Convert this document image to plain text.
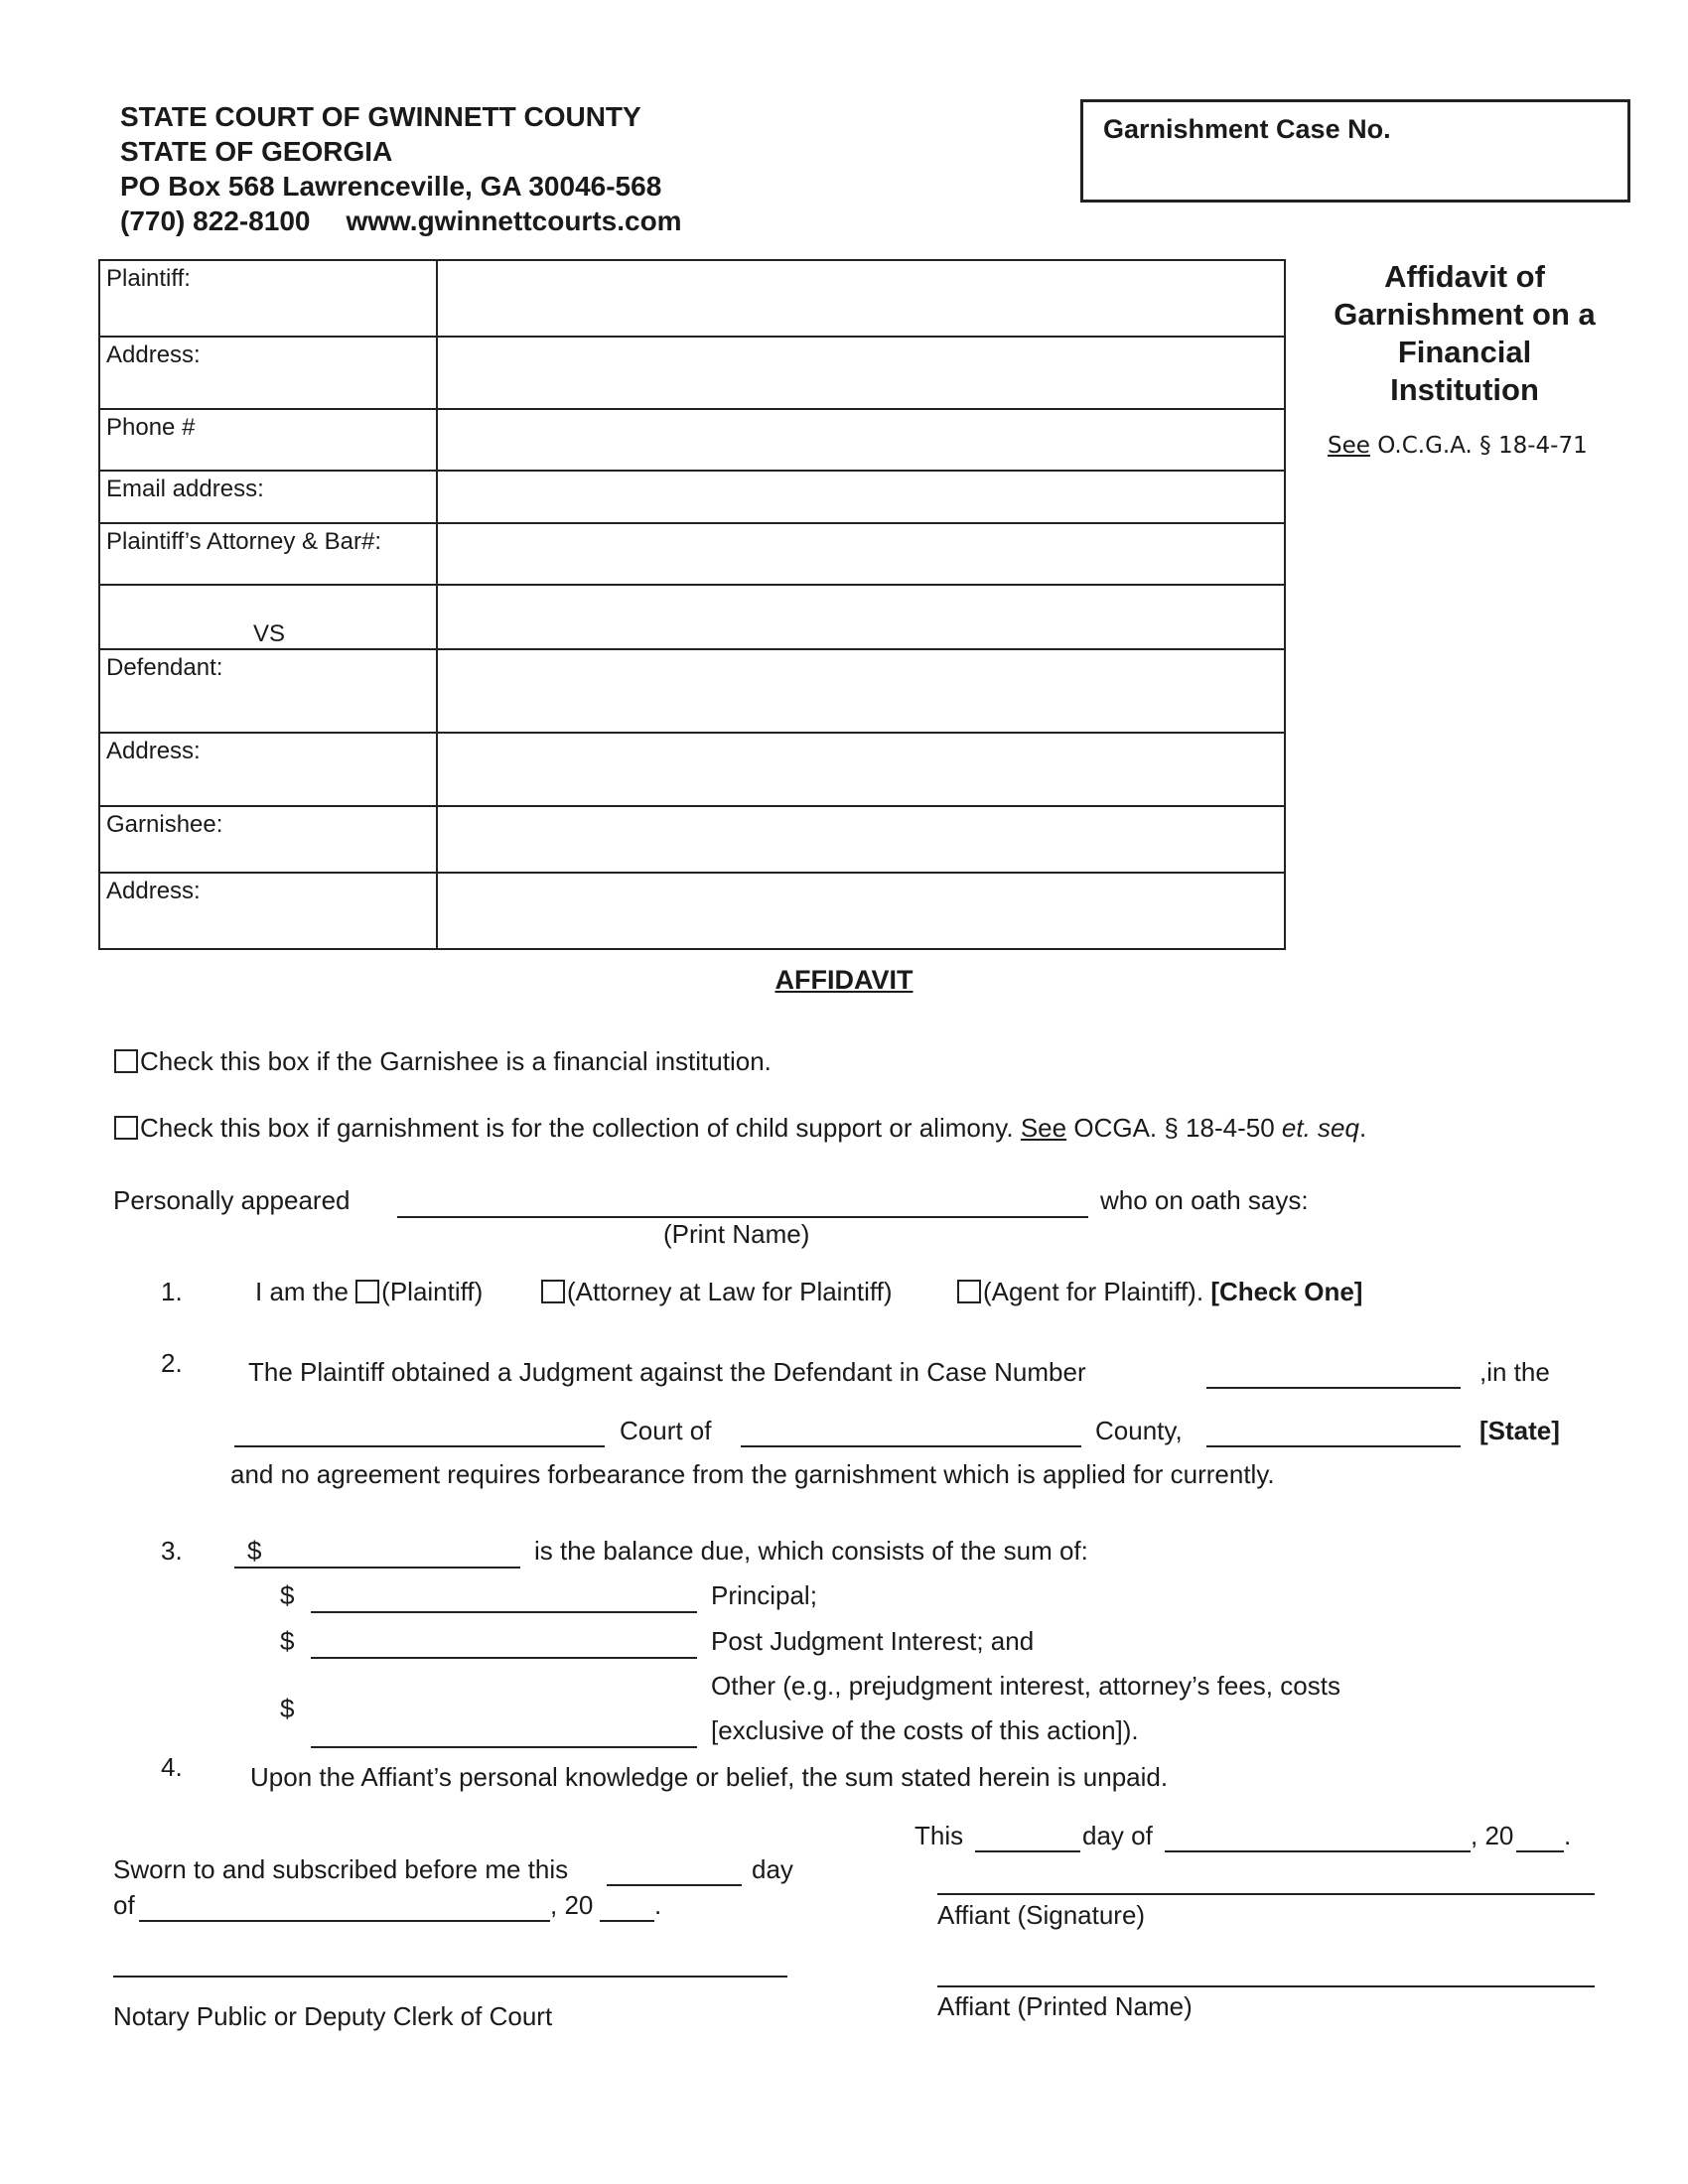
STATE COURT OF GWINNETT COUNTY
STATE OF GEORGIA
PO Box 568 Lawrenceville, GA 30046-568
(770) 822-8100 www.gwinnettcourts.com
Garnishment Case No.
Affidavit of
Garnishment on a
Financial
Institution
See O.C.G.A. § 18-4-71
Plaintiff:	
Address:	
Phone #	
Email address:	
Plaintiff’s Attorney & Bar#:	
VS	
Defendant:	
Address:	
Garnishee:	
Address:	
AFFIDAVIT
Check this box if the Garnishee is a financial institution.
Check this box if garnishment is for the collection of child support or alimony. See OCGA. § 18-4-50 et. seq.
Personally appeared	who on oath says:
(Print Name)
1.	I am the (Plaintiff)	(Attorney at Law for Plaintiff)	(Agent for Plaintiff). [Check One]
2.	The Plaintiff obtained a Judgment against the Defendant in Case Number	,in the
Court of	County,	[State]
and no agreement requires forbearance from the garnishment which is applied for currently.
3.	$	is the balance due, which consists of the sum of:
$	Principal;
$	Post Judgment Interest; and
$
Other (e.g., prejudgment interest, attorney’s fees, costs
[exclusive of the costs of this action]).
4.	Upon the Affiant’s personal knowledge or belief, the sum stated herein is unpaid.
This	day of	, 20 .
Affiant (Signature)
Affiant (Printed Name)
Sworn to and subscribed before me this	day
of	, 20 .
Notary Public or Deputy Clerk of Court
